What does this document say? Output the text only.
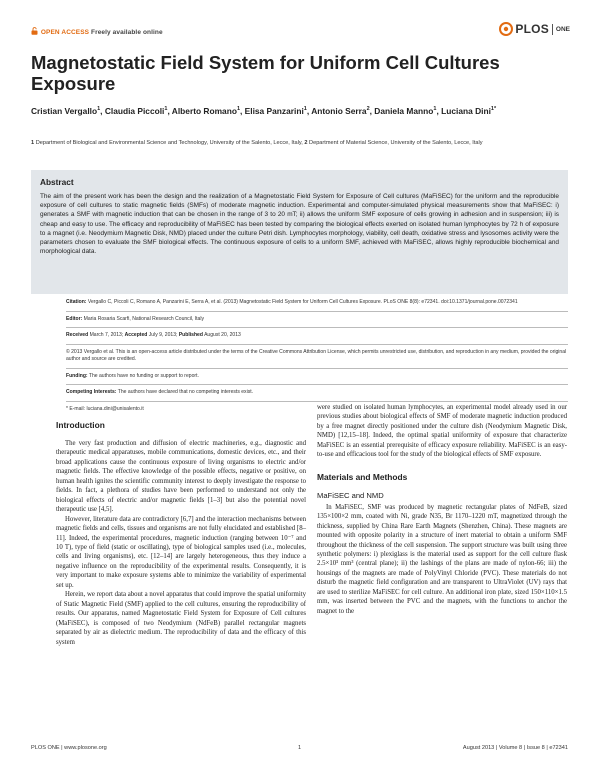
OPEN ACCESS Freely available online	PLOS ONE
Magnetostatic Field System for Uniform Cell Cultures Exposure
Cristian Vergallo$^1$, Claudia Piccoli$^1$, Alberto Romano$^1$, Elisa Panzarini$^1$, Antonio Serra$^2$, Daniela Manno$^1$, Luciana Dini$^{1*}$
1 Department of Biological and Environmental Science and Technology, University of the Salento, Lecce, Italy, 2 Department of Material Science, University of the Salento, Lecce, Italy
Abstract
The aim of the present work has been the design and the realization of a Magnetostatic Field System for Exposure of Cell cultures (MaFiSEC) for the uniform and the reproducible exposure of cell cultures to static magnetic fields (SMFs) of moderate magnetic induction. Experimental and computer-simulated physical measurements show that MaFiSEC: i) generates a SMF with magnetic induction that can be chosen in the range of 3 to 20 mT; ii) allows the uniform SMF exposure of cells growing in adhesion and in suspension; iii) is cheap and easy to use. The efficacy and reproducibility of MaFiSEC has been tested by comparing the biological effects exerted on isolated human lymphocytes by 72 h of exposure to a magnet (i.e. Neodymium Magnetic Disk, NMD) placed under the culture Petri dish. Lymphocytes morphology, viability, cell death, oxidative stress and lysosomes activity were the parameters chosen to evaluate the SMF biological effects. The continuous exposure of cells to a uniform SMF, achieved with MaFiSEC, allows highly reproducible biochemical and morphological data.

Citation: Vergallo C, Piccoli C, Romano A, Panzarini E, Serra A, et al. (2013) Magnetostatic Field System for Uniform Cell Cultures Exposure. PLoS ONE 8(8): e72341. doi:10.1371/journal.pone.0072341

Editor: Maria Rosaria Scarfi, National Research Council, Italy

Received March 7, 2013; Accepted July 9, 2013; Published August 20, 2013

© 2013 Vergallo et al. This is an open-access article distributed under the terms of the Creative Commons Attribution License, which permits unrestricted use, distribution, and reproduction in any medium, provided the original author and source are credited.

Funding: The authors have no funding or support to report.

Competing Interests: The authors have declared that no competing interests exist.

* E-mail: luciana.dini@unisalento.it

Introduction

The very fast production and diffusion of electric machineries, e.g., diagnostic and therapeutic medical apparatuses, mobile communications, domestic devices, etc., and their broad applications cause the continuous exposure of living organisms to electric and/or magnetic fields. The effective knowledge of the possible effects, negative or positive, on human health ignites the scientific community interest to deeply investigate the response to fields. In fact, a plethora of studies have been performed to understand not only the biological effects of electric and/or magnetic fields [1–3] but also the potential novel therapeutic use [4,5].

However, literature data are contradictory [6,7] and the interaction mechanisms between magnetic fields and cells, tissues and organisms are not fully elucidated and established [8–11]. Indeed, the experimental procedures, magnetic induction (ranging between 10⁻⁷ and 10 T), type of field (static or oscillating), type of biological samples used (i.e., molecules, cells and living organisms), etc. [12–14] are largely heterogeneous, thus they induce a negative influence on the reproducibility of the experimental results. Consequently, it is very important to make exposure systems able to minimize the variability of experimental set up.

Herein, we report data about a novel apparatus that could improve the spatial uniformity of Static Magnetic Field (SMF) applied to the cell cultures, ensuring the reproducibility of results. Our apparatus, named Magnetostatic Field System for Exposure of Cell cultures (MaFiSEC), is composed of two Neodymium (NdFeB) parallel rectangular magnets separated by air as dielectric medium. The reproducibility of data and the efficacy of this system

were studied on isolated human lymphocytes, an experimental model already used in our previous studies about biological effects of SMF of moderate magnetic induction produced by a free magnet directly positioned under the culture dish (Neodymium Magnetic Disk, NMD) [12,15–18]. Indeed, the optimal spatial uniformity of exposure that characterize MaFiSEC is an essential prerequisite of efficacy exposure reliability. MaFiSEC is an easy-to-use and efficacious tool for the study of the biological effects of SMF exposure.

Materials and Methods
MaFiSEC and NMD

In MaFiSEC, SMF was produced by magnetic rectangular plates of NdFeB, sized 135×100×2 mm, coated with Ni, grade N35, Br 1170–1220 mT, magnetized through the thickness, supplied by China Rare Earth Magnets (Shenzhen, China). These magnets are mounted with opposite polarity in a structure of inert material to obtain a uniform SMF throughout the thickness of the cell suspension. The support structure was built using three synthetic polymers: i) plexiglass is the material used as support for the cell culture flask 2.5×10³ mm³ (central plane); ii) the lashings of the plans are made of nylon-66; iii) the housings of the magnets are made of PolyVinyl Chloride (PVC). These materials do not disturb the magnetic field configuration and are transparent to UltraViolet (UV) rays that are used to sterilize MaFiSEC for cell culture. An additional iron plate, sized 150×110×1.5 mm, was inserted between the PVC and the magnets, with the functions to anchor the magnet to the

PLOS ONE | www.plosone.org	1	August 2013 | Volume 8 | Issue 8 | e72341
